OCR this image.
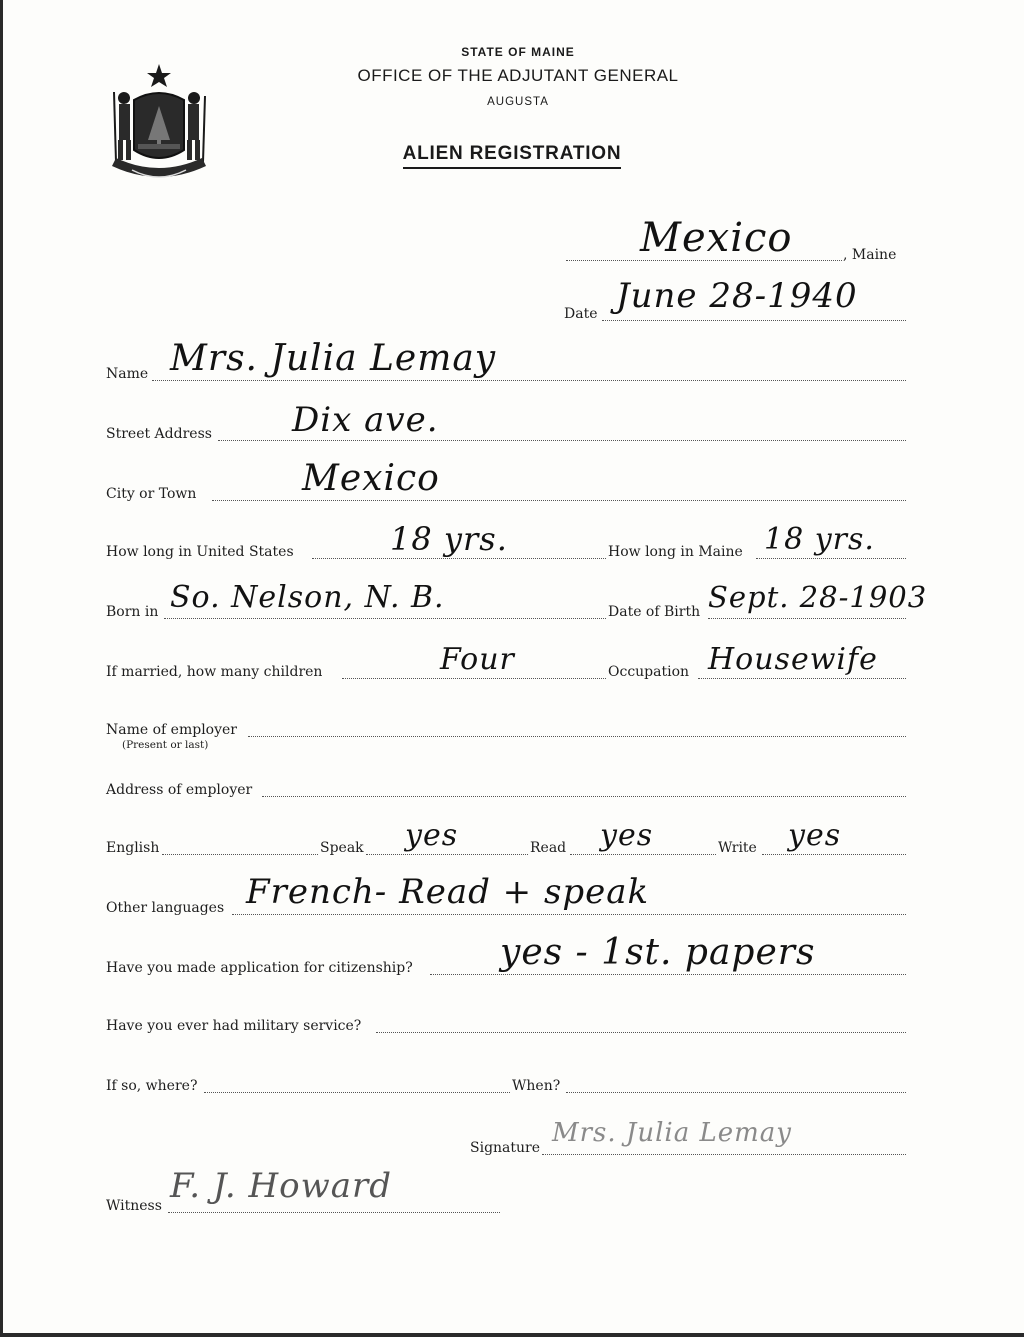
STATE OF MAINE
OFFICE OF THE ADJUTANT GENERAL
AUGUSTA
ALIEN REGISTRATION
Mexico	, Maine
Date June 28-1940
Name Mrs. Julia Lemay
Street Address Dix ave.
City or Town	Mexico
How long in United States	18 yrs.	How long in Maine 18 yrs.
Born in So. Nelson, N. B.	Date of Birth Sept. 28-1903
If married, how many children	Four	Occupation Housewife
Name of employer
(Present or last)
Address of employer
English	Speak yes	Read yes	Write yes
Other languages French- Read + speak
Have you made application for citizenship? yes - 1st. papers
Have you ever had military service?
If so, where?	When?
Signature Mrs. Julia Lemay
Witness F. J. Howard
